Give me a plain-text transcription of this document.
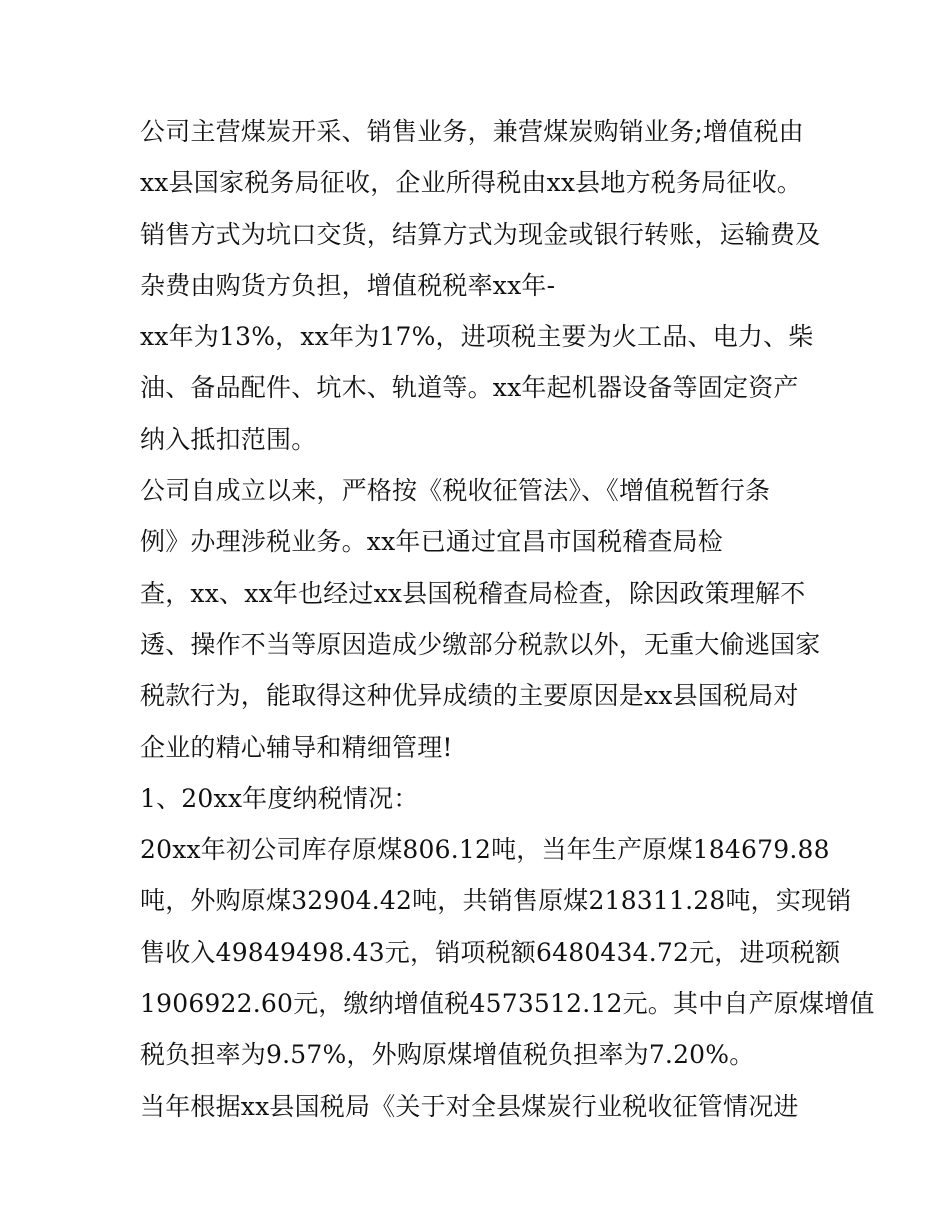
公司主营煤炭开采、销售业务，兼营煤炭购销业务;增值税由
xx县国家税务局征收，企业所得税由xx县地方税务局征收。
销售方式为坑口交货，结算方式为现金或银行转账，运输费及
杂费由购货方负担，增值税税率xx年-
xx年为13%，xx年为17%，进项税主要为火工品、电力、柴
油、备品配件、坑木、轨道等。xx年起机器设备等固定资产
纳入抵扣范围。
公司自成立以来，严格按《税收征管法》、《增值税暂行条
例》办理涉税业务。xx年已通过宜昌市国税稽查局检
查，xx、xx年也经过xx县国税稽查局检查，除因政策理解不
透、操作不当等原因造成少缴部分税款以外，无重大偷逃国家
税款行为，能取得这种优异成绩的主要原因是xx县国税局对
企业的精心辅导和精细管理!
1、20xx年度纳税情况：
20xx年初公司库存原煤806.12吨，当年生产原煤184679.88
吨，外购原煤32904.42吨，共销售原煤218311.28吨，实现销
售收入49849498.43元，销项税额6480434.72元，进项税额
1906922.60元，缴纳增值税4573512.12元。其中自产原煤增值
税负担率为9.57%，外购原煤增值税负担率为7.20%。
当年根据xx县国税局《关于对全县煤炭行业税收征管情况进
